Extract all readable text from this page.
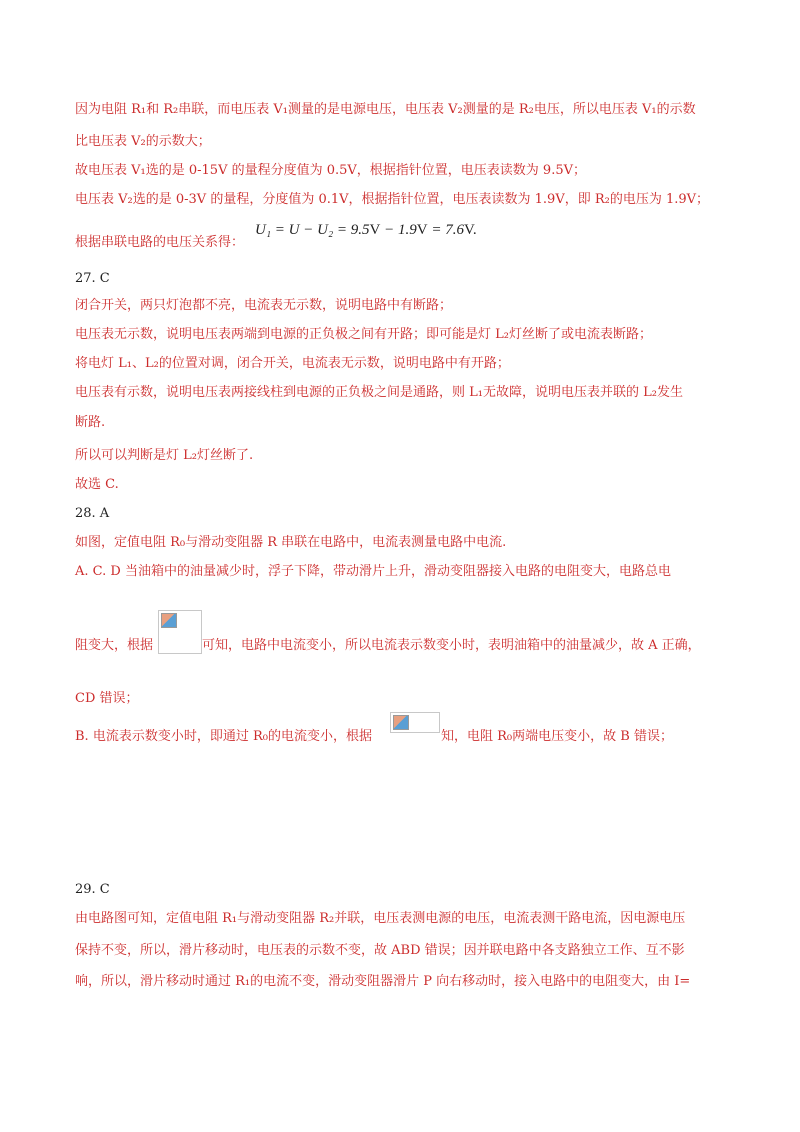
因为电阻 R₁和 R₂串联，而电压表 V₁测量的是电源电压，电压表 V₂测量的是 R₂电压，所以电压表 V₁的示数
比电压表 V₂的示数大；
故电压表 V₁选的是 0-15V 的量程分度值为 0.5V，根据指针位置，电压表读数为 9.5V；
电压表 V₂选的是 0-3V 的量程，分度值为 0.1V，根据指针位置，电压表读数为 1.9V，即 R₂的电压为 1.9V；
根据串联电路的电压关系得：
U₁ = U − U₂ = 9.5V − 1.9V = 7.6V.
27. C
闭合开关，两只灯泡都不亮，电流表无示数，说明电路中有断路；
电压表无示数，说明电压表两端到电源的正负极之间有开路；即可能是灯 L₂灯丝断了或电流表断路；
将电灯 L₁、L₂的位置对调，闭合开关，电流表无示数，说明电路中有开路；
电压表有示数，说明电压表两接线柱到电源的正负极之间是通路，则 L₁无故障，说明电压表并联的 L₂发生
断路.
所以可以判断是灯 L₂灯丝断了.
故选 C.
28. A
如图，定值电阻 R₀与滑动变阻器 R 串联在电路中，电流表测量电路中电流.
A. C. D 当油箱中的油量减少时，浮子下降，带动滑片上升，滑动变阻器接入电路的电阻变大，电路总电
阻变大，根据	可知，电路中电流变小，所以电流表示数变小时，表明油箱中的油量减少，故 A 正确，
CD 错误；
B. 电流表示数变小时，即通过 R₀的电流变小，根据	知，电阻 R₀两端电压变小，故 B 错误；
29. C
由电路图可知，定值电阻 R₁与滑动变阻器 R₂并联，电压表测电源的电压，电流表测干路电流，因电源电压
保持不变，所以，滑片移动时，电压表的示数不变，故 ABD 错误；因并联电路中各支路独立工作、互不影
响，所以，滑片移动时通过 R₁的电流不变，滑动变阻器滑片 P 向右移动时，接入电路中的电阻变大，由 I=
